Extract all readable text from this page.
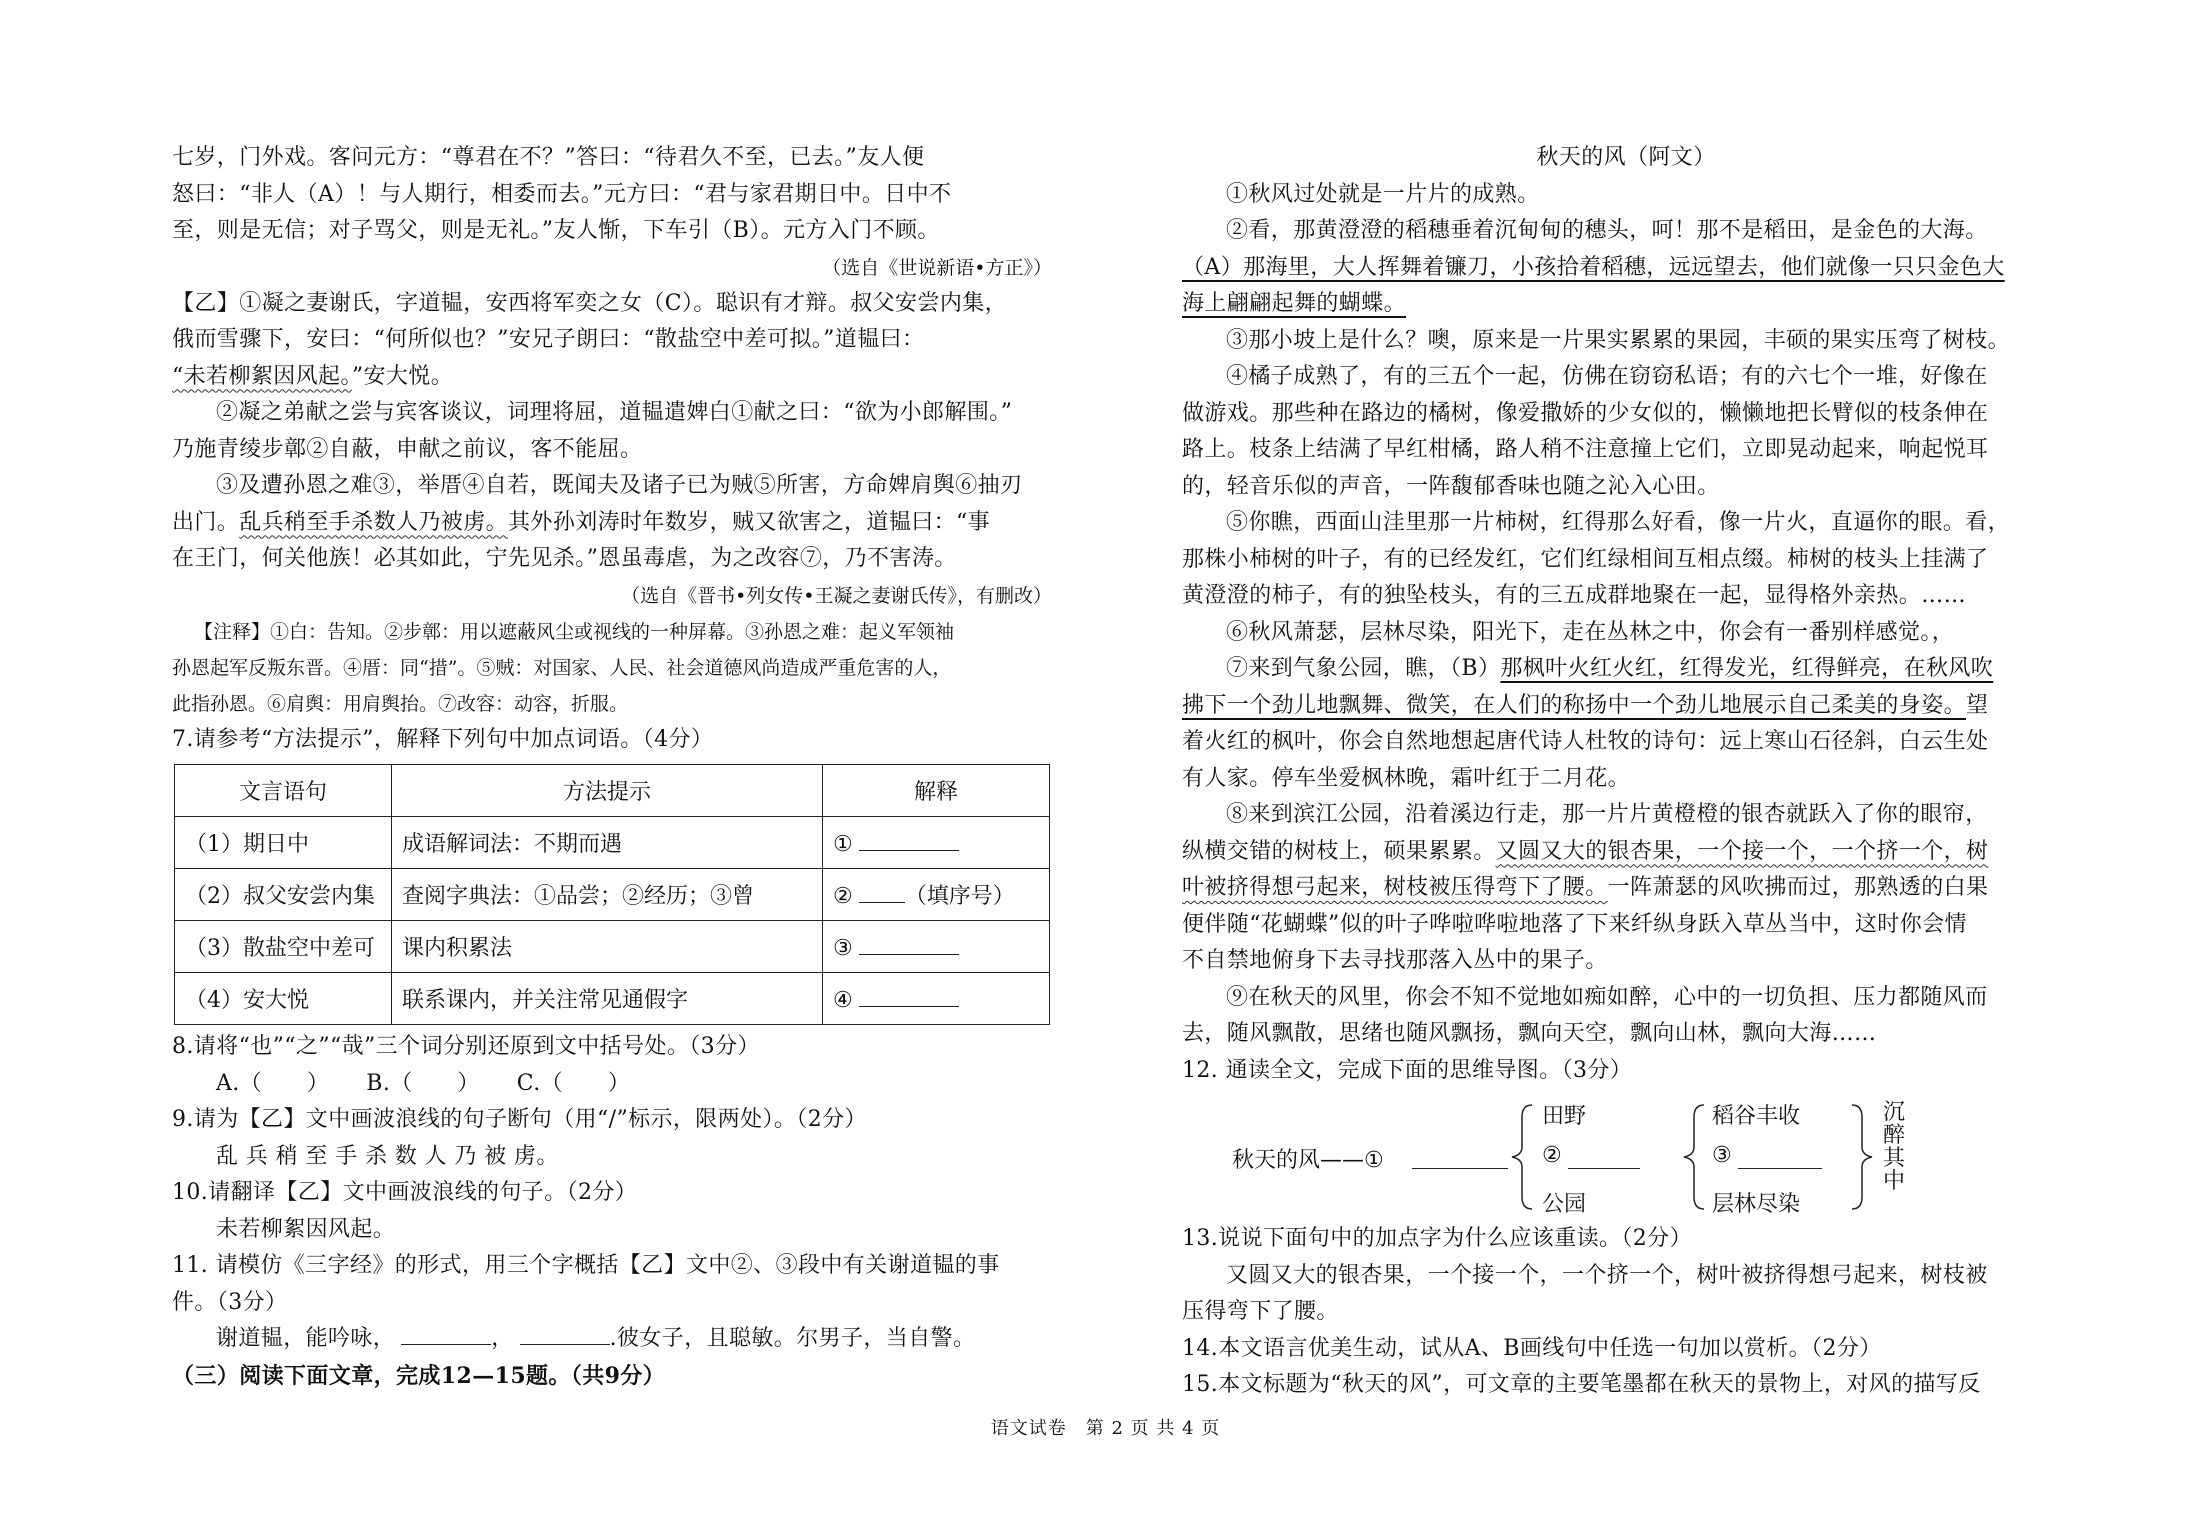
七岁，门外戏。客问元方：“尊君在不？”答曰：“待君久不至，已去。”友人便

怒曰：“非人（A）！与人期行，相委而去。”元方曰：“君与家君期日中。日中不

至，则是无信；对子骂父，则是无礼。”友人惭，下车引（B）。元方入门不顾。

（选自《世说新语•方正》）

【乙】①凝之妻谢氏，字道韫，安西将军奕之女（C）。聪识有才辩。叔父安尝内集，

俄而雪骤下，安曰：“何所似也？”安兄子朗曰：“散盐空中差可拟。”道韫曰：

“未若柳絮因风起。”安大悦。

②凝之弟献之尝与宾客谈议，词理将屈，道韫遣婢白①献之曰：“欲为小郎解围。”

乃施青绫步鄣②自蔽，申献之前议，客不能屈。

③及遭孙恩之难③，举厝④自若，既闻夫及诸子已为贼⑤所害，方命婢肩舆⑥抽刃

出门。乱兵稍至手杀数人乃被虏。其外孙刘涛时年数岁，贼又欲害之，道韫曰：“事

在王门，何关他族！必其如此，宁先见杀。”恩虽毒虐，为之改容⑦，乃不害涛。

（选自《晋书•列女传•王凝之妻谢氏传》，有删改）

【注释】①白：告知。②步鄣：用以遮蔽风尘或视线的一种屏幕。③孙恩之难：起义军领袖

孙恩起军反叛东晋。④厝：同“措”。⑤贼：对国家、人民、社会道德风尚造成严重危害的人，

此指孙恩。⑥肩舆：用肩舆抬。⑦改容：动容，折服。

7.请参考“方法提示”，解释下列句中加点词语。（4分）

文言语句	方法提示	解释
（1）期日中	成语解词法：不期而遇	①
（2）叔父安尝内集	查阅字典法：①品尝；②经历；③曾	② （填序号）
（3）散盐空中差可	课内积累法	③
（4）安大悦	联系课内，并关注常见通假字	④

8.请将“也”“之”“哉”三个词分别还原到文中括号处。（3分）

A.（　　） B.（　　） C.（　　）

9.请为【乙】文中画波浪线的句子断句（用“/”标示，限两处）。（2分）

乱 兵 稍 至 手 杀 数 人 乃 被 虏。

10.请翻译【乙】文中画波浪线的句子。（2分）

未若柳絮因风起。

11. 请模仿《三字经》的形式，用三个字概括【乙】文中②、③段中有关谢道韫的事

件。（3分）

谢道韫，能吟咏，	，	.彼女子，且聪敏。尔男子，当自警。

（三）阅读下面文章，完成12—15题。（共9分）

秋天的风（阿文）

①秋风过处就是一片片的成熟。

②看，那黄澄澄的稻穗垂着沉甸甸的穗头，呵！那不是稻田，是金色的大海。

（A）那海里，大人挥舞着镰刀，小孩拾着稻穗，远远望去，他们就像一只只金色大

海上翩翩起舞的蝴蝶。

③那小坡上是什么？噢，原来是一片果实累累的果园，丰硕的果实压弯了树枝。

④橘子成熟了，有的三五个一起，仿佛在窃窃私语；有的六七个一堆，好像在

做游戏。那些种在路边的橘树，像爱撒娇的少女似的，懒懒地把长臂似的枝条伸在

路上。枝条上结满了早红柑橘，路人稍不注意撞上它们，立即晃动起来，响起悦耳

的，轻音乐似的声音，一阵馥郁香味也随之沁入心田。

⑤你瞧，西面山洼里那一片柿树，红得那么好看，像一片火，直逼你的眼。看，

那株小柿树的叶子，有的已经发红，它们红绿相间互相点缀。柿树的枝头上挂满了

黄澄澄的柿子，有的独坠枝头，有的三五成群地聚在一起，显得格外亲热。……

⑥秋风萧瑟，层林尽染，阳光下，走在丛林之中，你会有一番别样感觉。，

⑦来到气象公园，瞧，（B）那枫叶火红火红，红得发光，红得鲜亮，在秋风吹

拂下一个劲儿地飘舞、微笑，在人们的称扬中一个劲儿地展示自己柔美的身姿。望

着火红的枫叶，你会自然地想起唐代诗人杜牧的诗句：远上寒山石径斜，白云生处

有人家。停车坐爱枫林晚，霜叶红于二月花。

⑧来到滨江公园，沿着溪边行走，那一片片黄橙橙的银杏就跃入了你的眼帘，

纵横交错的树枝上，硕果累累。又圆又大的银杏果，一个接一个，一个挤一个，树

叶被挤得想弓起来，树枝被压得弯下了腰。一阵萧瑟的风吹拂而过，那熟透的白果

便伴随“花蝴蝶”似的叶子哗啦哗啦地落了下来纤纵身跃入草丛当中，这时你会情

不自禁地俯身下去寻找那落入丛中的果子。

⑨在秋天的风里，你会不知不觉地如痴如醉，心中的一切负担、压力都随风而

去，随风飘散，思绪也随风飘扬，飘向天空，飘向山林，飘向大海……

12. 通读全文，完成下面的思维导图。（3分）

秋天的风——①
田野
②
公园
稻谷丰收
③
层林尽染
沉
醉
其
中

13.说说下面句中的加点字为什么应该重读。（2分）

又圆又大的银杏果，一个接一个，一个挤一个，树叶被挤得想弓起来，树枝被

压得弯下了腰。

14.本文语言优美生动，试从A、B画线句中任选一句加以赏析。（2分）

15.本文标题为“秋天的风”，可文章的主要笔墨都在秋天的景物上，对风的描写反

语文试卷　第 2 页 共 4 页
